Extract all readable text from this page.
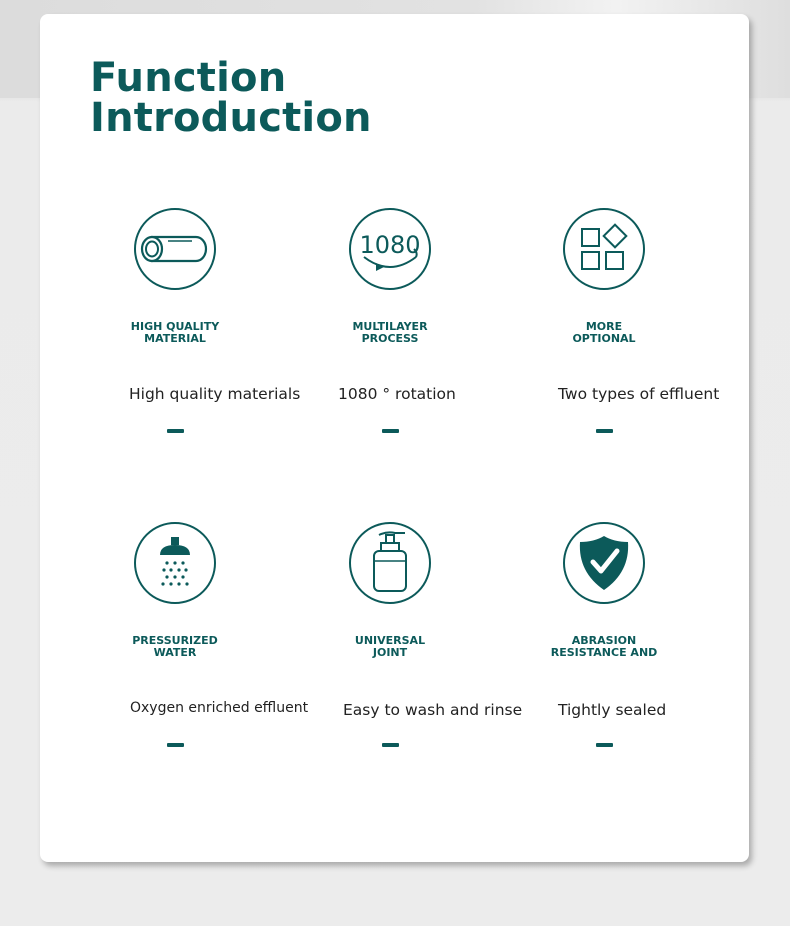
Function
Introduction
HIGH QUALITY
MATERIAL
High quality materials
1080
MULTILAYER
PROCESS
1080 ° rotation
MORE
OPTIONAL
Two types of effluent
PRESSURIZED
WATER
Oxygen enriched effluent
UNIVERSAL
JOINT
Easy to wash and rinse
ABRASION
RESISTANCE AND
Tightly sealed
